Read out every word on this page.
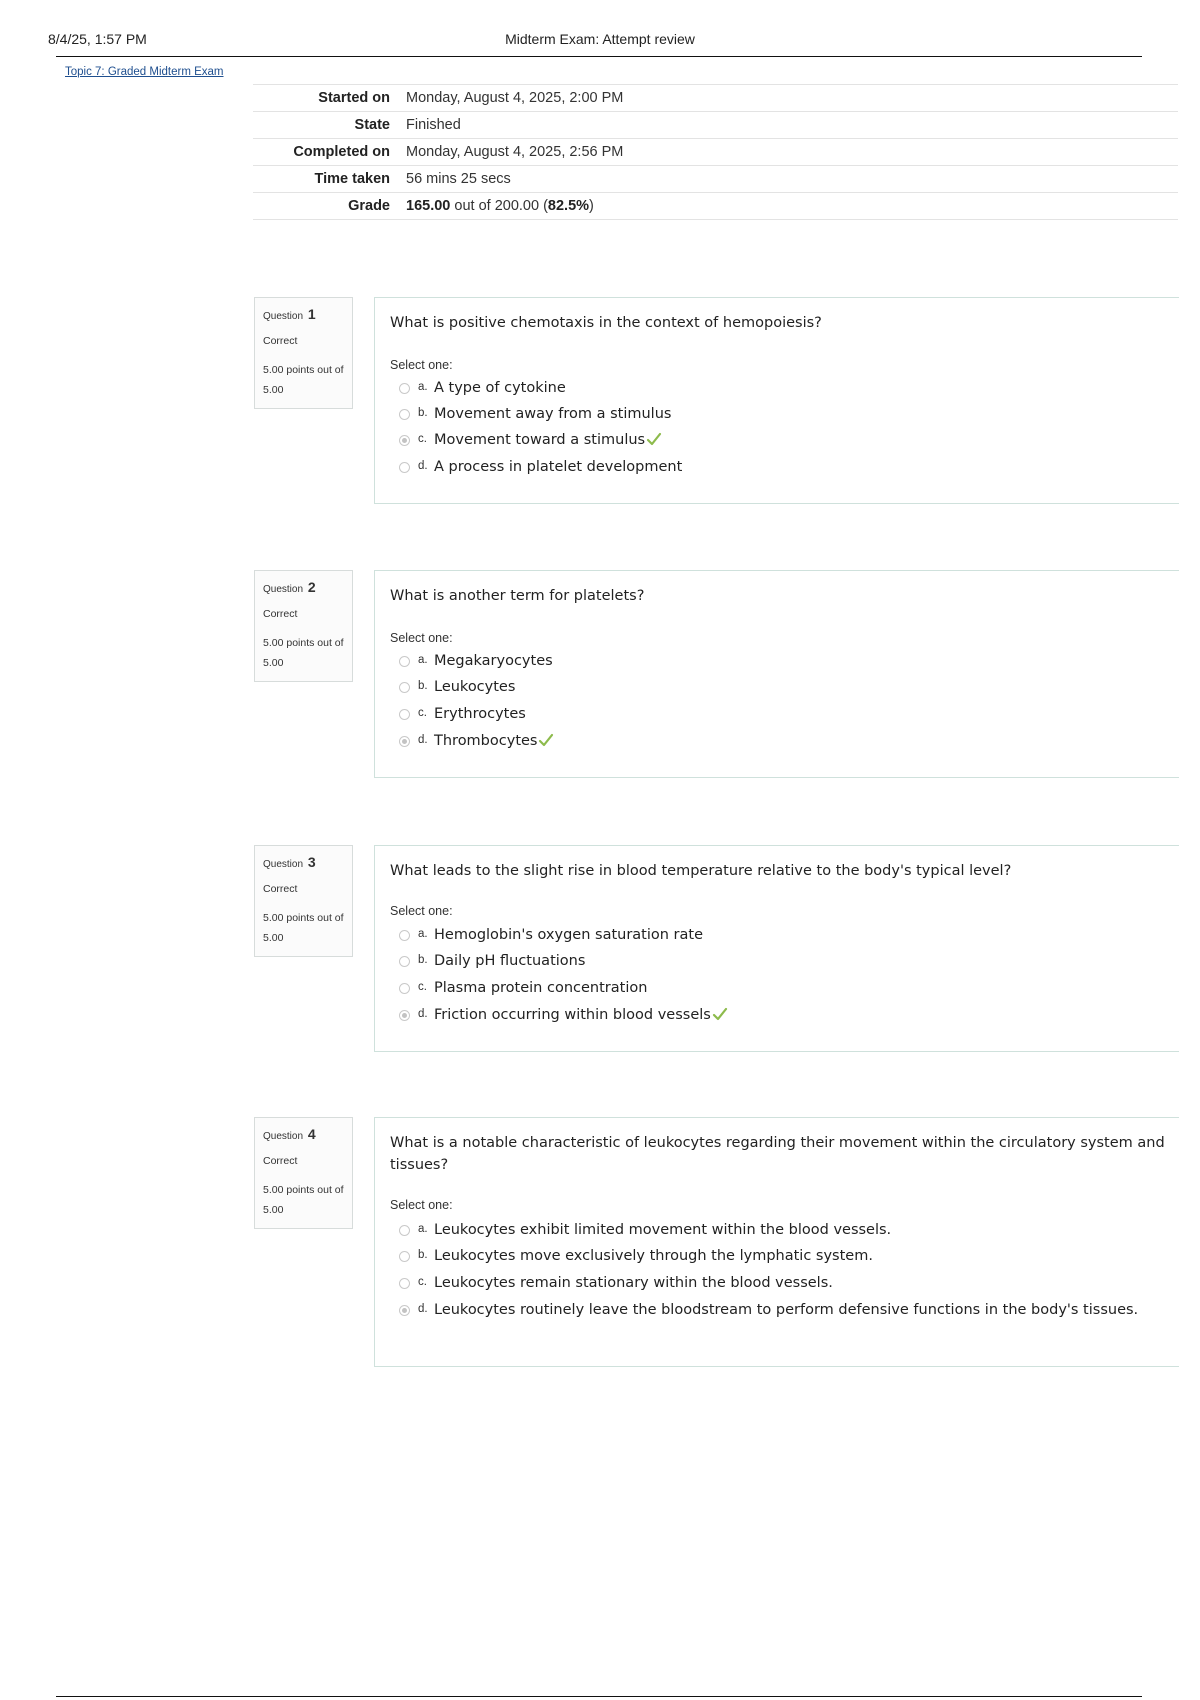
8/4/25, 1:57 PM	Midterm Exam: Attempt review
Topic 7: Graded Midterm Exam
Started on	Monday, August 4, 2025, 2:00 PM
State	Finished
Completed on	Monday, August 4, 2025, 2:56 PM
Time taken	56 mins 25 secs
Grade	165.00 out of 200.00 (82.5%)
Question 1
Correct
5.00 points out of 5.00
What is positive chemotaxis in the context of hemopoiesis?
Select one:
a. A type of cytokine
b. Movement away from a stimulus
c. Movement toward a stimulus
d. A process in platelet development
Question 2
Correct
5.00 points out of 5.00
What is another term for platelets?
Select one:
a. Megakaryocytes
b. Leukocytes
c. Erythrocytes
d. Thrombocytes
Question 3
Correct
5.00 points out of 5.00
What leads to the slight rise in blood temperature relative to the body's typical level?
Select one:
a. Hemoglobin's oxygen saturation rate
b. Daily pH fluctuations
c. Plasma protein concentration
d. Friction occurring within blood vessels
Question 4
Correct
5.00 points out of 5.00
What is a notable characteristic of leukocytes regarding their movement within the circulatory system and tissues?
Select one:
a. Leukocytes exhibit limited movement within the blood vessels.
b. Leukocytes move exclusively through the lymphatic system.
c. Leukocytes remain stationary within the blood vessels.
d. Leukocytes routinely leave the bloodstream to perform defensive functions in the body's tissues.
